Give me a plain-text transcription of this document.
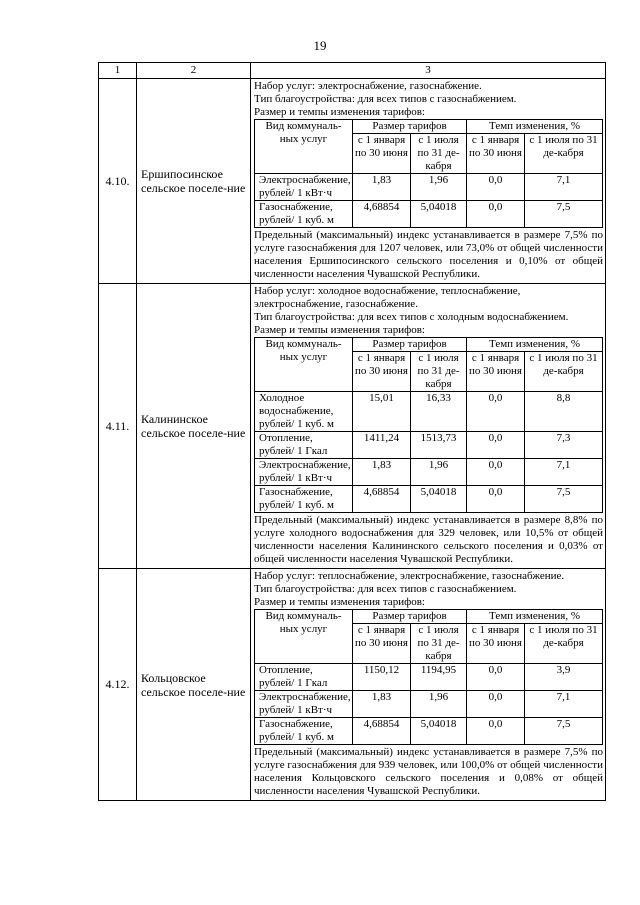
19
1	2	3
4.10.	Ершипосинское сельское поселе-ние	
Набор услуг: электроснабжение, газоснабжение.
Тип благоустройства: для всех типов с газоснабжением.
Размер и темпы изменения тарифов:
Вид коммуналь-ных услуг	Размер тарифов	Темп изменения, %
с 1 января по 30 июня	с 1 июля по 31 де-кабря	с 1 января по 30 июня	с 1 июля по 31 де-кабря
Электроснабжение, рублей/ 1 кВт·ч	1,83	1,96	0,0	7,1
Газоснабжение, рублей/ 1 куб. м	4,68854	5,04018	0,0	7,5
Предельный (максимальный) индекс устанавливается в размере 7,5% по услуге газоснабжения для 1207 человек, или 73,0% от общей численности населения Ершипосинского сельского поселения и 0,10% от общей численности населения Чувашской Республики.

4.11.	Калининское сельское поселе-ние	
Набор услуг: холодное водоснабжение, теплоснабжение, электроснабжение, газоснабжение.
Тип благоустройства: для всех типов с холодным водоснабжением.
Размер и темпы изменения тарифов:
Вид коммуналь-ных услуг	Размер тарифов	Темп изменения, %
с 1 января по 30 июня	с 1 июля по 31 де-кабря	с 1 января по 30 июня	с 1 июля по 31 де-кабря
Холодное водоснабжение, рублей/ 1 куб. м	15,01	16,33	0,0	8,8
Отопление, рублей/ 1 Гкал	1411,24	1513,73	0,0	7,3
Электроснабжение, рублей/ 1 кВт·ч	1,83	1,96	0,0	7,1
Газоснабжение, рублей/ 1 куб. м	4,68854	5,04018	0,0	7,5
Предельный (максимальный) индекс устанавливается в размере 8,8% по услуге холодного водоснабжения для 329 человек, или 10,5% от общей численности населения Калининского сельского поселения и 0,03% от общей численности населения Чувашской Республики.

4.12.	Кольцовское сельское поселе-ние	
Набор услуг: теплоснабжение, электроснабжение, газоснабжение.
Тип благоустройства: для всех типов с газоснабжением.
Размер и темпы изменения тарифов:
Вид коммуналь-ных услуг	Размер тарифов	Темп изменения, %
с 1 января по 30 июня	с 1 июля по 31 де-кабря	с 1 января по 30 июня	с 1 июля по 31 де-кабря
Отопление, рублей/ 1 Гкал	1150,12	1194,95	0,0	3,9
Электроснабжение, рублей/ 1 кВт·ч	1,83	1,96	0,0	7,1
Газоснабжение, рублей/ 1 куб. м	4,68854	5,04018	0,0	7,5
Предельный (максимальный) индекс устанавливается в размере 7,5% по услуге газоснабжения для 939 человек, или 100,0% от общей численности населения Кольцовского сельского поселения и 0,08% от общей численности населения Чувашской Республики.
